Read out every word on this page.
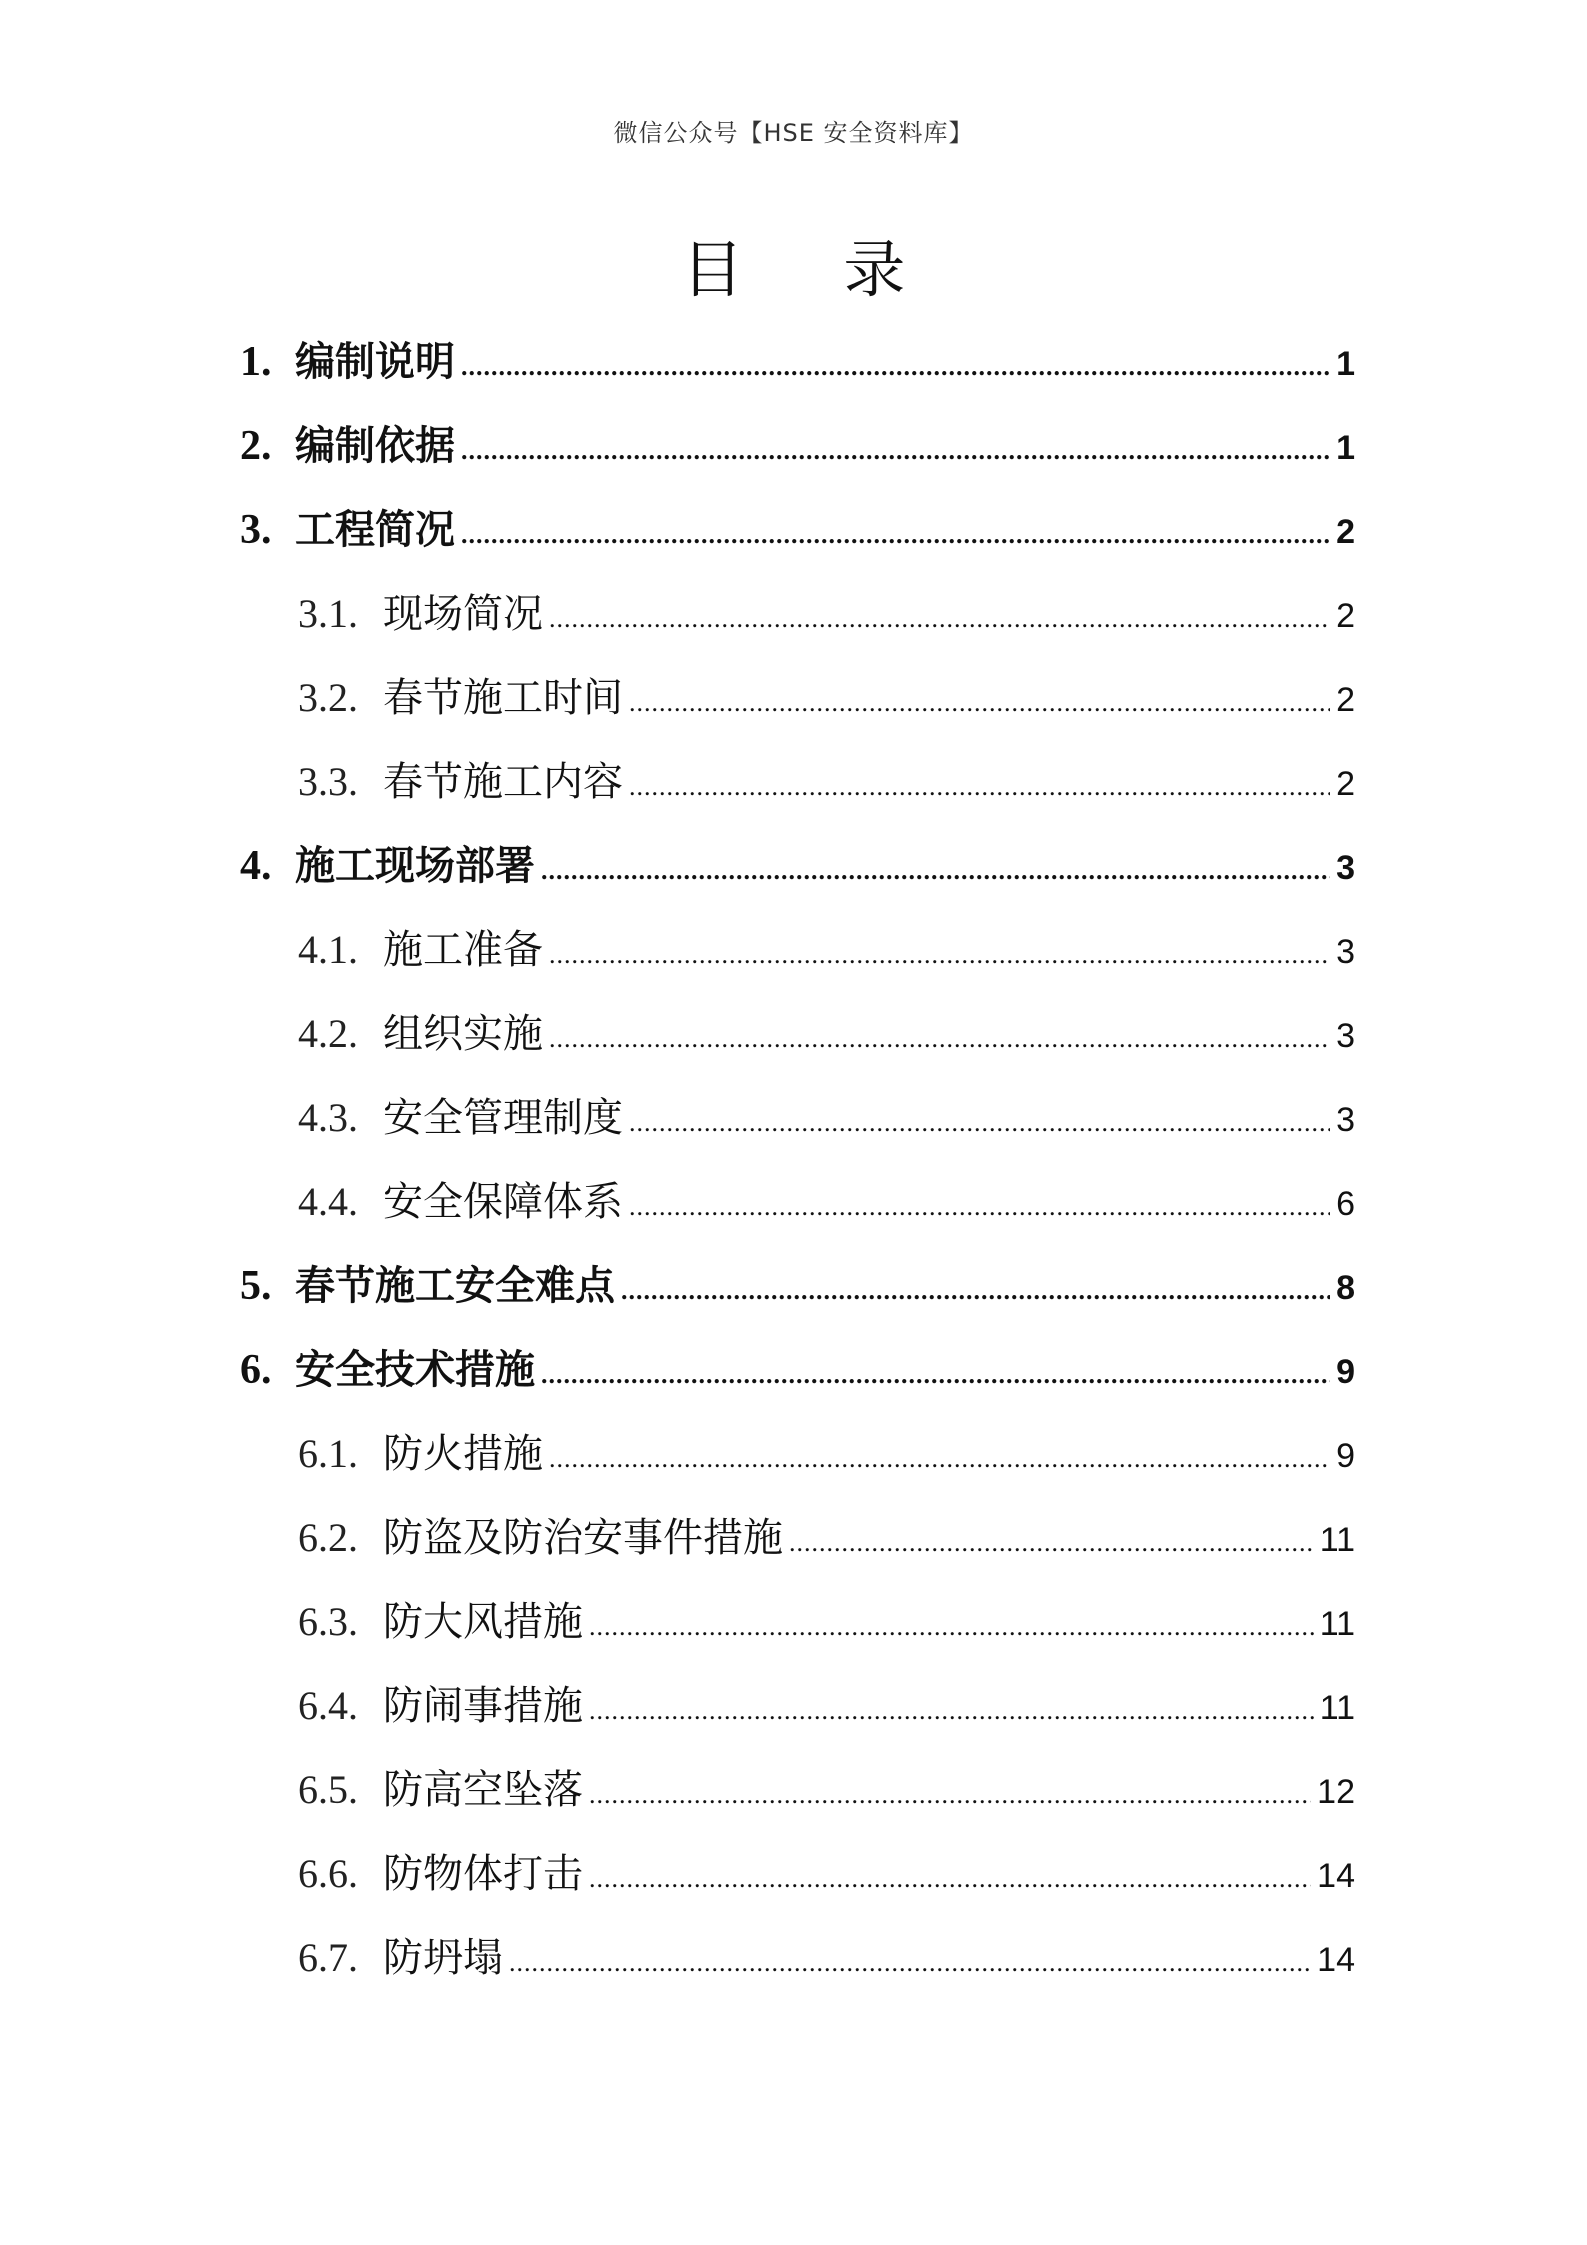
微信公众号【HSE 安全资料库】
目 录
1. 编制说明 .....	1
2. 编制依据 .....	1
3. 工程简况 .....	2
3.1. 现场简况 .....	2
3.2. 春节施工时间 .....	2
3.3. 春节施工内容 .....	2
4. 施工现场部署 .....	3
4.1. 施工准备 .....	3
4.2. 组织实施 .....	3
4.3. 安全管理制度 .....	3
4.4. 安全保障体系 .....	6
5. 春节施工安全难点 .....	8
6. 安全技术措施 .....	9
6.1. 防火措施 .....	9
6.2. 防盗及防治安事件措施 .....	11
6.3. 防大风措施 .....	11
6.4. 防闹事措施 .....	11
6.5. 防高空坠落 .....	12
6.6. 防物体打击 .....	14
6.7. 防坍塌 .....	14
